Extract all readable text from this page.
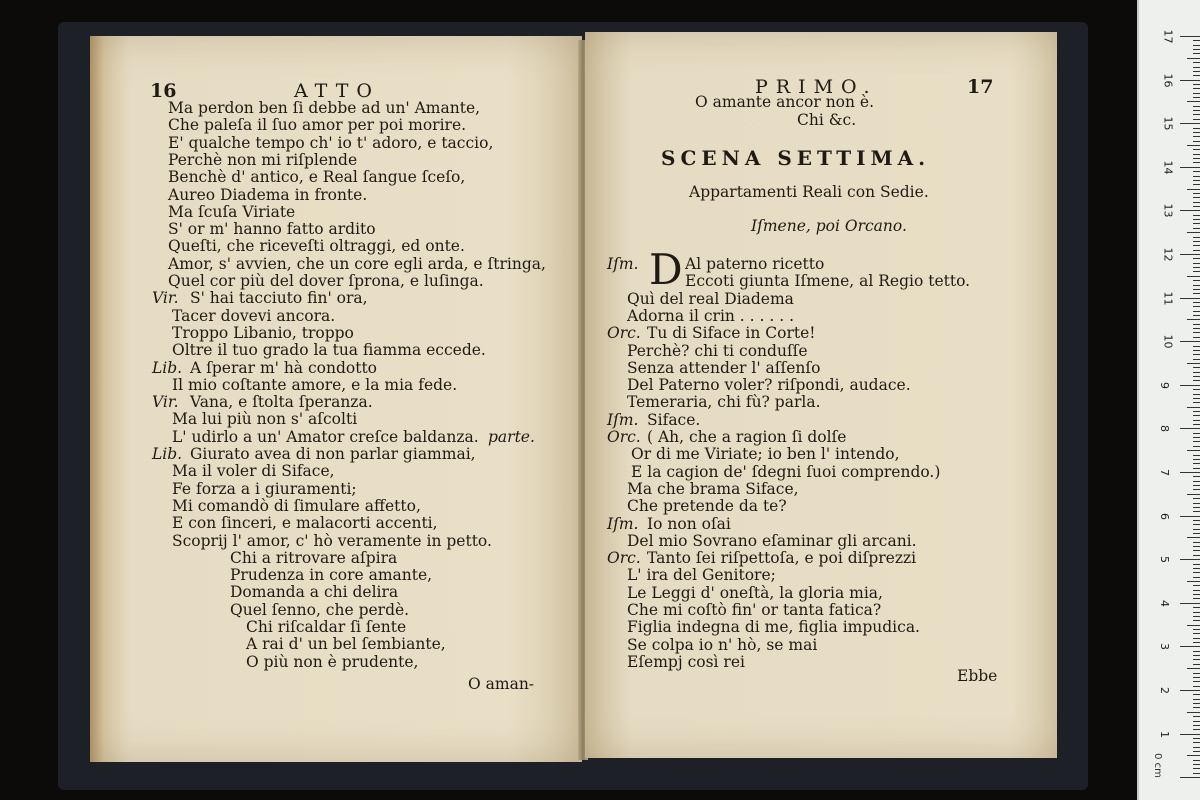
16	ATTO
Ma perdon ben ſi debbe ad un' Amante,
Che paleſa il ſuo amor per poi morire.
E' qualche tempo ch' io t' adoro, e taccio,
Perchè non mi riſplende
Benchè d' antico, e Real ſangue ſceſo,
Aureo Diadema in fronte.
Ma ſcuſa Viriate
S' or m' hanno fatto ardito
Queſti, che riceveſti oltraggi, ed onte.
Amor, s' avvien, che un core egli arda, e ſtringa,
Quel cor più del dover ſprona, e luſinga.
Vir. S' hai tacciuto fin' ora,
Tacer dovevi ancora.
Troppo Libanio, troppo
Oltre il tuo grado la tua fiamma eccede.
Lib. A ſperar m' hà condotto
Il mio coſtante amore, e la mia fede.
Vir. Vana, e ſtolta ſperanza.
Ma lui più non s' aſcolti
L' udirlo a un' Amator creſce baldanza. parte.
Lib. Giurato avea di non parlar giammai,
Ma il voler di Siface,
Fe forza a i giuramenti;
Mi comandò di ſimulare affetto,
E con ſinceri, e malacorti accenti,
Scoprij l' amor, c' hò veramente in petto.
Chi a ritrovare aſpira
Prudenza in core amante,
Domanda a chi delira
Quel ſenno, che perdè.
Chi riſcaldar ſi ſente
A rai d' un bel ſembiante,
O più non è prudente,
O aman-
PRIMO.	17
O amante ancor non è.
Chi &c.
SCENA SETTIMA.
Appartamenti Reali con Sedie.
Iſmene, poi Orcano.
Iſm. D Al paterno ricetto
Eccoti giunta Iſmene, al Regio tetto.
Quì del real Diadema
Adorna il crin . . . . . .
Orc. Tu di Siface in Corte!
Perchè? chi ti conduſſe
Senza attender l' aſſenſo
Del Paterno voler? riſpondi, audace.
Temeraria, chi fù? parla.
Iſm. Siface.
Orc. ( Ah, che a ragion ſi dolſe
Or di me Viriate; io ben l' intendo,
E la cagion de' ſdegni ſuoi comprendo.)
Ma che brama Siface,
Che pretende da te?
Iſm. Io non oſai
Del mio Sovrano eſaminar gli arcani.
Orc. Tanto ſei riſpettoſa, e poi diſprezzi
L' ira del Genitore;
Le Leggi d' oneſtà, la gloria mia,
Che mi coſtò fin' or tanta fatica?
Figlia indegna di me, figlia impudica.
Se colpa io n' hò, se mai
Eſempj così rei
Ebbe
17
16
15
14
13
12
11
10
9
8
7
6
5
4
3
2
1
0 cm
